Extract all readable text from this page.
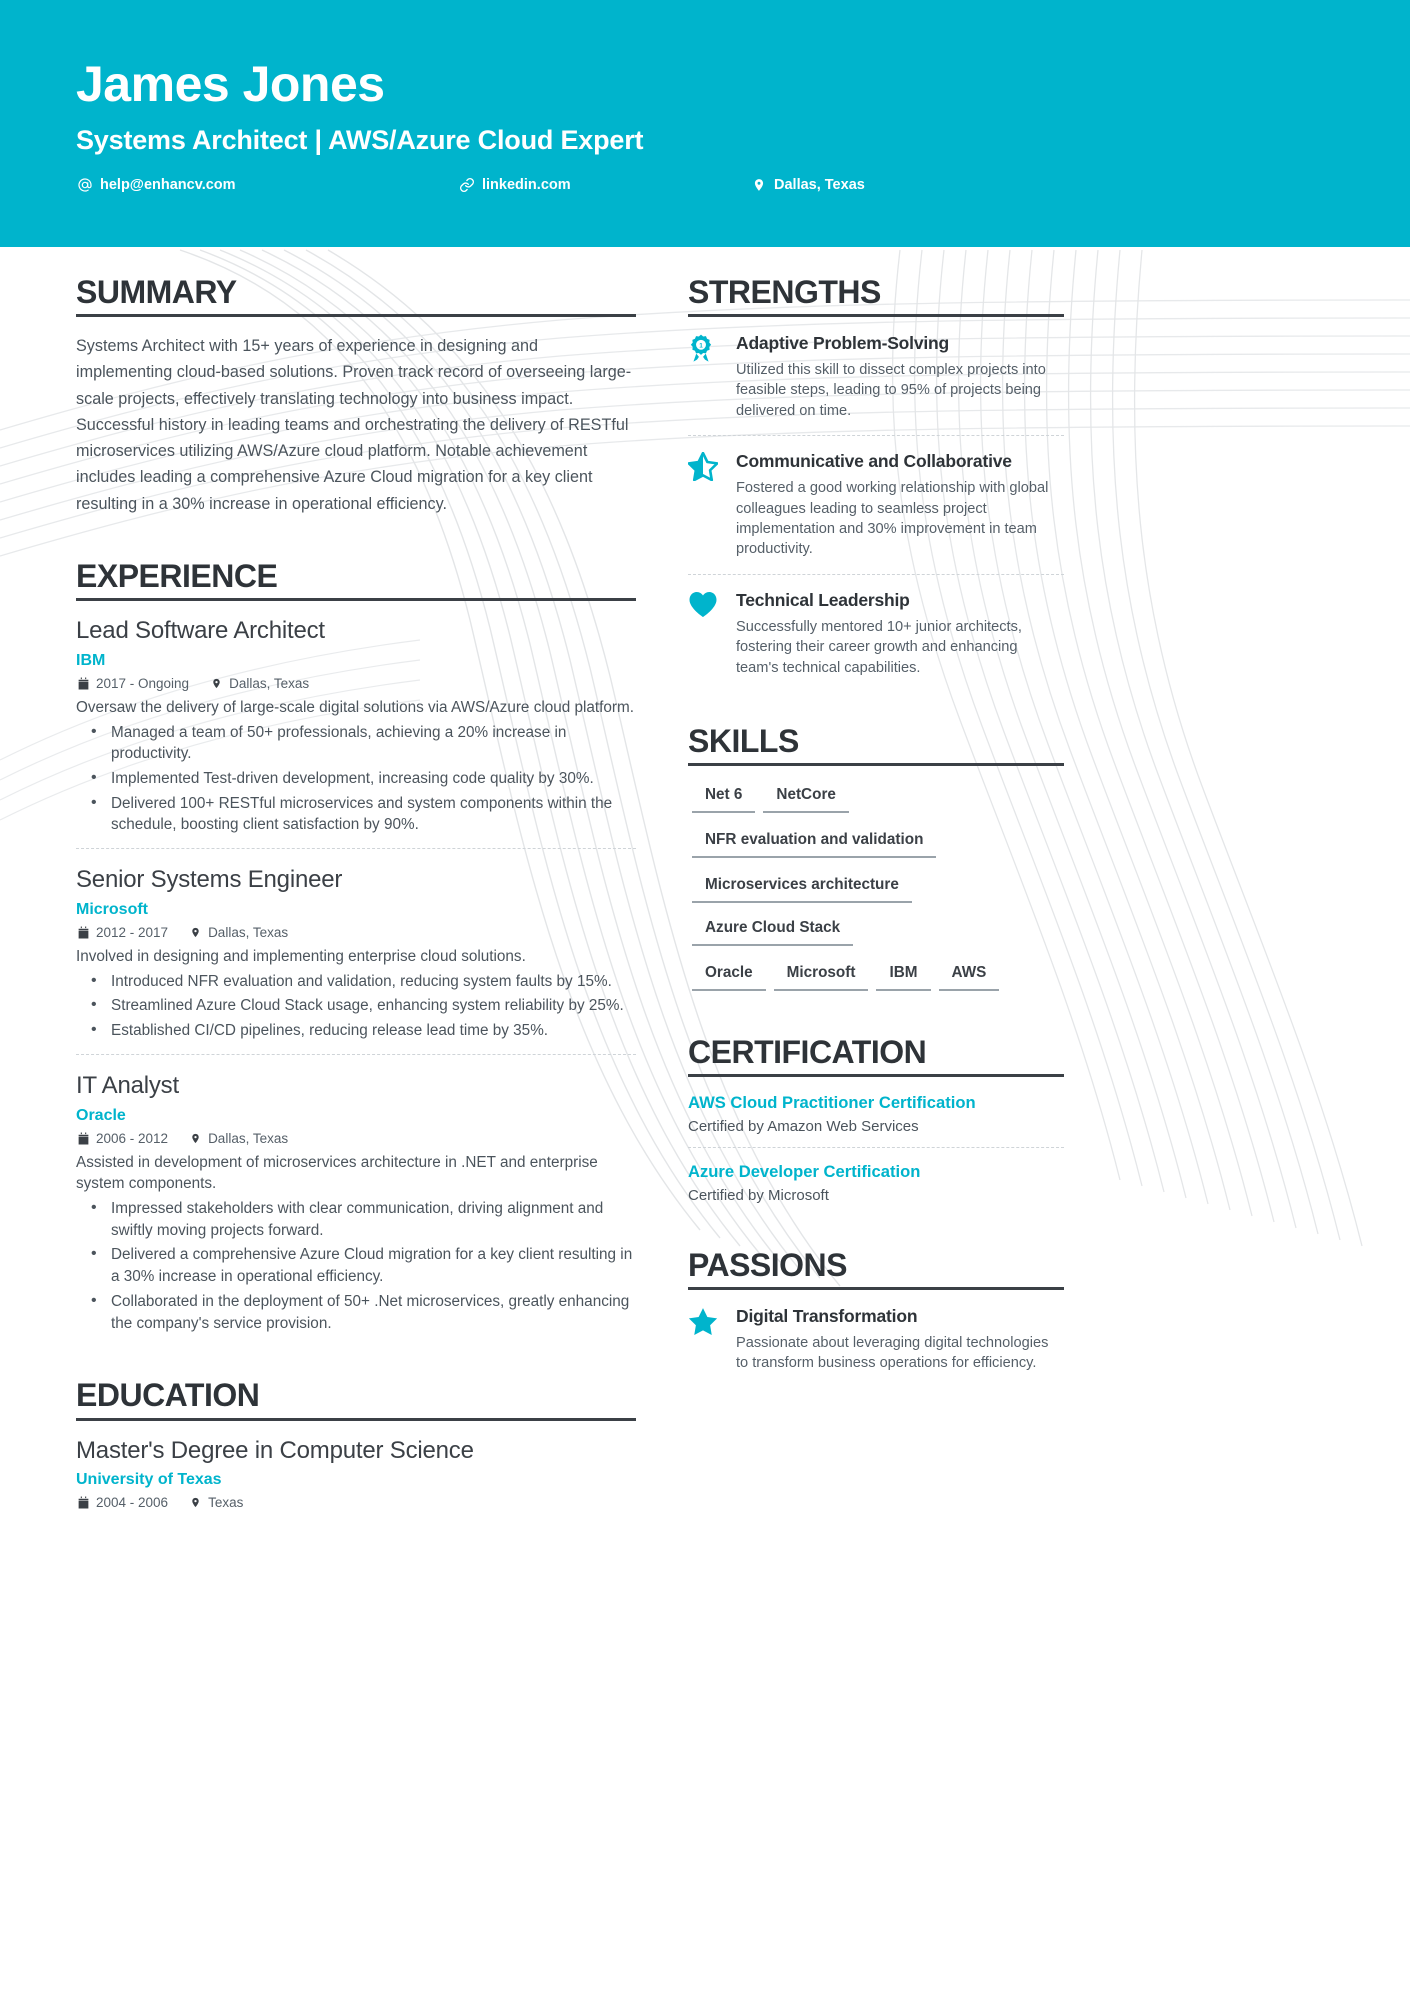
James Jones
Systems Architect | AWS/Azure Cloud Expert
help@enhancv.com	linkedin.com	Dallas, Texas
SUMMARY
Systems Architect with 15+ years of experience in designing and implementing cloud-based solutions. Proven track record of overseeing large-scale projects, effectively translating technology into business impact. Successful history in leading teams and orchestrating the delivery of RESTful microservices utilizing AWS/Azure cloud platform. Notable achievement includes leading a comprehensive Azure Cloud migration for a key client resulting in a 30% increase in operational efficiency.
EXPERIENCE
Lead Software Architect
IBM
2017 - Ongoing	Dallas, Texas
Oversaw the delivery of large-scale digital solutions via AWS/Azure cloud platform.
• Managed a team of 50+ professionals, achieving a 20% increase in productivity.
• Implemented Test-driven development, increasing code quality by 30%.
• Delivered 100+ RESTful microservices and system components within the schedule, boosting client satisfaction by 90%.
Senior Systems Engineer
Microsoft
2012 - 2017	Dallas, Texas
Involved in designing and implementing enterprise cloud solutions.
• Introduced NFR evaluation and validation, reducing system faults by 15%.
• Streamlined Azure Cloud Stack usage, enhancing system reliability by 25%.
• Established CI/CD pipelines, reducing release lead time by 35%.
IT Analyst
Oracle
2006 - 2012	Dallas, Texas
Assisted in development of microservices architecture in .NET and enterprise system components.
• Impressed stakeholders with clear communication, driving alignment and swiftly moving projects forward.
• Delivered a comprehensive Azure Cloud migration for a key client resulting in a 30% increase in operational efficiency.
• Collaborated in the deployment of 50+ .Net microservices, greatly enhancing the company's service provision.
EDUCATION
Master's Degree in Computer Science
University of Texas
2004 - 2006	Texas
STRENGTHS
1 Adaptive Problem-Solving
Utilized this skill to dissect complex projects into feasible steps, leading to 95% of projects being delivered on time.
Communicative and Collaborative
Fostered a good working relationship with global colleagues leading to seamless project implementation and 30% improvement in team productivity.
Technical Leadership
Successfully mentored 10+ junior architects, fostering their career growth and enhancing team's technical capabilities.
SKILLS
Net 6	NetCore
NFR evaluation and validation
Microservices architecture
Azure Cloud Stack
Oracle	Microsoft	IBM	AWS
CERTIFICATION
AWS Cloud Practitioner Certification
Certified by Amazon Web Services
Azure Developer Certification
Certified by Microsoft
PASSIONS
Digital Transformation
Passionate about leveraging digital technologies to transform business operations for efficiency.
